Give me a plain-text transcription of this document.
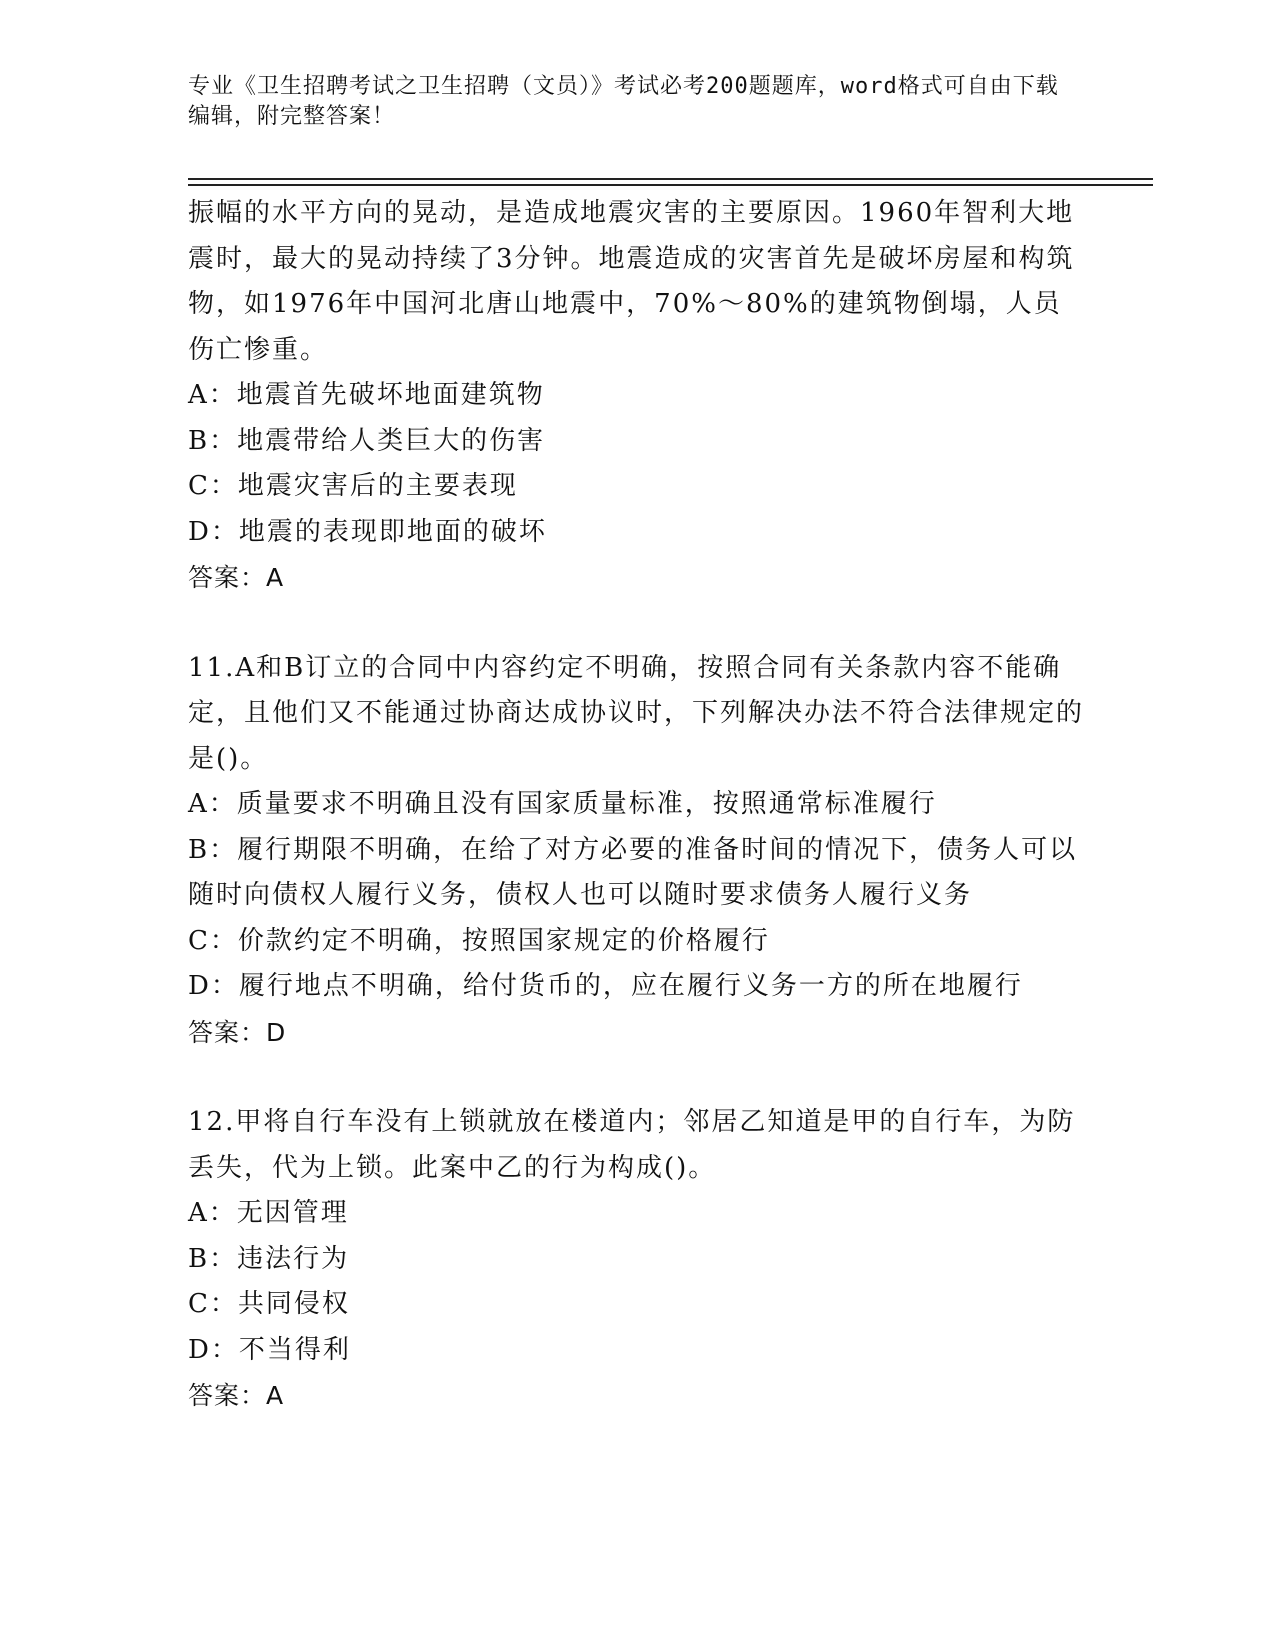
专业《卫生招聘考试之卫生招聘（文员）》考试必考200题题库，word格式可自由下载编辑，附完整答案！

振幅的水平方向的晃动，是造成地震灾害的主要原因。1960年智利大地震时，最大的晃动持续了3分钟。地震造成的灾害首先是破坏房屋和构筑物，如1976年中国河北唐山地震中，70%～80%的建筑物倒塌，人员伤亡惨重。

A：地震首先破坏地面建筑物

B：地震带给人类巨大的伤害

C：地震灾害后的主要表现

D：地震的表现即地面的破坏

答案：A

11.A和B订立的合同中内容约定不明确，按照合同有关条款内容不能确定，且他们又不能通过协商达成协议时，下列解决办法不符合法律规定的是()。

A：质量要求不明确且没有国家质量标准，按照通常标准履行

B：履行期限不明确，在给了对方必要的准备时间的情况下，债务人可以随时向债权人履行义务，债权人也可以随时要求债务人履行义务

C：价款约定不明确，按照国家规定的价格履行

D：履行地点不明确，给付货币的，应在履行义务一方的所在地履行

答案：D

12.甲将自行车没有上锁就放在楼道内；邻居乙知道是甲的自行车，为防丢失，代为上锁。此案中乙的行为构成()。

A：无因管理

B：违法行为

C：共同侵权

D：不当得利

答案：A
